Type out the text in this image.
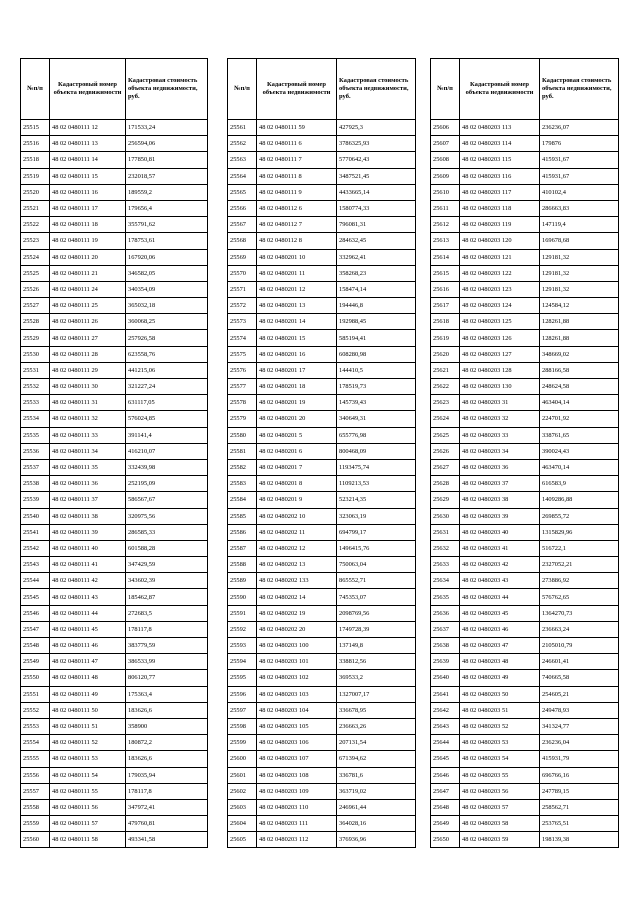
№п/п	Кадастровый номер объекта недвижимости	Кадастровая стоимость объекта недвижимости, руб.
25515	48 02 0480111 12	171533,24
25516	48 02 0480111 13	256594,06
25518	48 02 0480111 14	177850,81
25519	48 02 0480111 15	232018,57
25520	48 02 0480111 16	189559,2
25521	48 02 0480111 17	179656,4
25522	48 02 0480111 18	355791,62
25523	48 02 0480111 19	178753,61
25524	48 02 0480111 20	167920,06
25525	48 02 0480111 21	346582,05
25526	48 02 0480111 24	340354,09
25527	48 02 0480111 25	365032,18
25528	48 02 0480111 26	360068,25
25529	48 02 0480111 27	257926,58
25530	48 02 0480111 28	623558,76
25531	48 02 0480111 29	441215,06
25532	48 02 0480111 30	321227,24
25533	48 02 0480111 31	631117,05
25534	48 02 0480111 32	576024,85
25535	48 02 0480111 33	391141,4
25536	48 02 0480111 34	416210,07
25537	48 02 0480111 35	332439,98
25538	48 02 0480111 36	252195,09
25539	48 02 0480111 37	586567,67
25540	48 02 0480111 38	320975,56
25541	48 02 0480111 39	286585,33
25542	48 02 0480111 40	601588,28
25543	48 02 0480111 41	347429,59
25544	48 02 0480111 42	343602,39
25545	48 02 0480111 43	185462,87
25546	48 02 0480111 44	272683,5
25547	48 02 0480111 45	178117,8
25548	48 02 0480111 46	383779,59
25549	48 02 0480111 47	386533,99
25550	48 02 0480111 48	806120,77
25551	48 02 0480111 49	175363,4
25552	48 02 0480111 50	183626,6
25553	48 02 0480111 51	358900
25554	48 02 0480111 52	180872,2
25555	48 02 0480111 53	183626,6
25556	48 02 0480111 54	179035,94
25557	48 02 0480111 55	178117,8
25558	48 02 0480111 56	347972,41
25559	48 02 0480111 57	479760,81
25560	48 02 0480111 58	493341,58
№п/п	Кадастровый номер объекта недвижимости	Кадастровая стоимость объекта недвижимости, руб.
25561	48 02 0480111 59	427925,3
25562	48 02 0480111 6	3786325,93
25563	48 02 0480111 7	5770642,43
25564	48 02 0480111 8	3487521,45
25565	48 02 0480111 9	4433665,14
25566	48 02 0480112 6	1580774,33
25567	48 02 0480112 7	796081,31
25568	48 02 0480112 8	284632,45
25569	48 02 0480201 10	332962,41
25570	48 02 0480201 11	358268,23
25571	48 02 0480201 12	158474,14
25572	48 02 0480201 13	194446,8
25573	48 02 0480201 14	192988,45
25574	48 02 0480201 15	585194,41
25575	48 02 0480201 16	608280,98
25576	48 02 0480201 17	144410,5
25577	48 02 0480201 18	178519,73
25578	48 02 0480201 19	145739,43
25579	48 02 0480201 20	340649,31
25580	48 02 0480201 5	655776,98
25581	48 02 0480201 6	800468,09
25582	48 02 0480201 7	1193475,74
25583	48 02 0480201 8	1109213,53
25584	48 02 0480201 9	523214,35
25585	48 02 0480202 10	323063,19
25586	48 02 0480202 11	694799,17
25587	48 02 0480202 12	1496415,76
25588	48 02 0480202 13	750063,04
25589	48 02 0480202 133	865552,71
25590	48 02 0480202 14	745353,07
25591	48 02 0480202 19	2098769,56
25592	48 02 0480202 20	1749728,39
25593	48 02 0480203 100	137149,8
25594	48 02 0480203 101	338812,56
25595	48 02 0480203 102	369533,2
25596	48 02 0480203 103	1327007,17
25597	48 02 0480203 104	336678,95
25598	48 02 0480203 105	236663,26
25599	48 02 0480203 106	207131,54
25600	48 02 0480203 107	671394,62
25601	48 02 0480203 108	336781,6
25602	48 02 0480203 109	363719,02
25603	48 02 0480203 110	246961,44
25604	48 02 0480203 111	364028,16
25605	48 02 0480203 112	376936,96
№п/п	Кадастровый номер объекта недвижимости	Кадастровая стоимость объекта недвижимости, руб.
25606	48 02 0480203 113	236236,07
25607	48 02 0480203 114	179876
25608	48 02 0480203 115	415931,67
25609	48 02 0480203 116	415931,67
25610	48 02 0480203 117	410102,4
25611	48 02 0480203 118	286663,83
25612	48 02 0480203 119	147119,4
25613	48 02 0480203 120	169678,68
25614	48 02 0480203 121	129181,32
25615	48 02 0480203 122	129181,32
25616	48 02 0480203 123	129181,32
25617	48 02 0480203 124	124584,12
25618	48 02 0480203 125	128261,88
25619	48 02 0480203 126	128261,88
25620	48 02 0480203 127	348669,02
25621	48 02 0480203 128	288166,58
25622	48 02 0480203 130	248624,58
25623	48 02 0480203 31	463404,14
25624	48 02 0480203 32	224701,92
25625	48 02 0480203 33	338761,65
25626	48 02 0480203 34	390024,43
25627	48 02 0480203 36	463470,14
25628	48 02 0480203 37	616583,9
25629	48 02 0480203 38	1409286,88
25630	48 02 0480203 39	269855,72
25631	48 02 0480203 40	1315829,96
25632	48 02 0480203 41	516722,1
25633	48 02 0480203 42	2327052,21
25634	48 02 0480203 43	273886,92
25635	48 02 0480203 44	576762,65
25636	48 02 0480203 45	1364270,73
25637	48 02 0480203 46	236663,24
25638	48 02 0480203 47	2105010,79
25639	48 02 0480203 48	246601,41
25640	48 02 0480203 49	740665,58
25641	48 02 0480203 50	254605,21
25642	48 02 0480203 51	249478,93
25643	48 02 0480203 52	341324,77
25644	48 02 0480203 53	236236,04
25645	48 02 0480203 54	415931,79
25646	48 02 0480203 55	696766,16
25647	48 02 0480203 56	247789,15
25648	48 02 0480203 57	258562,71
25649	48 02 0480203 58	253765,51
25650	48 02 0480203 59	198139,38
